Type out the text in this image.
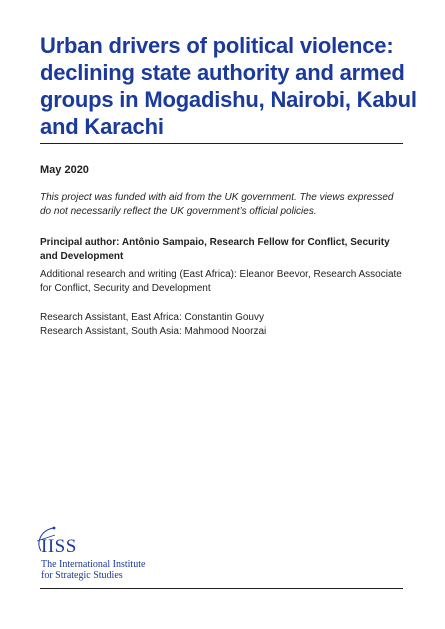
Urban drivers of political violence: declining state authority and armed groups in Mogadishu, Nairobi, Kabul and Karachi
May 2020

This project was funded with aid from the UK government. The views expressed do not necessarily reflect the UK government’s official policies.

Principal author: Antônio Sampaio, Research Fellow for Conflict, Security and Development

Additional research and writing (East Africa): Eleanor Beevor, Research Associate for Conflict, Security and Development

Research Assistant, East Africa: Constantin Gouvy
Research Assistant, South Asia: Mahmood Noorzai
IISS
The International Institute
for Strategic Studies
